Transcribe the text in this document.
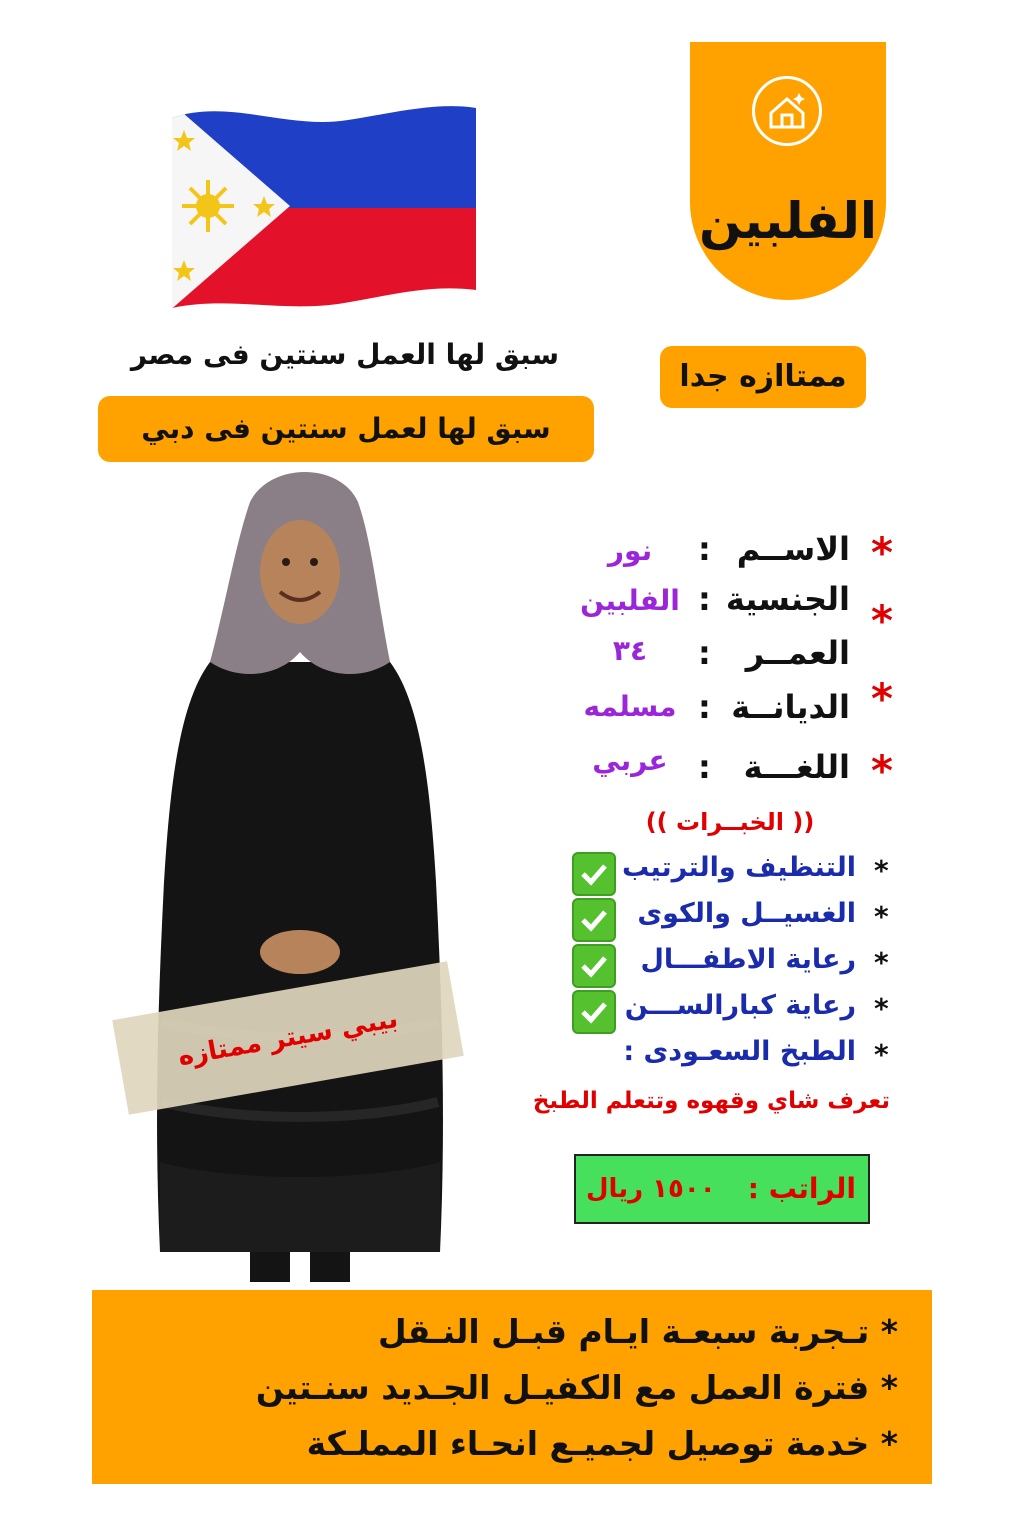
الفلبين
ممتاازه جدا
سبق لها العمل سنتين فى مصر
سبق لها لعمل سنتين فى دبي
بيبي سيتر ممتازه
*
الاســم
:
نور
*
الجنسية
:
الفلبين
العمــر
:
٣٤
*
الديانــة
:
مسلمه
*
اللغـــة
:
عربي
(( الخبــرات ))
*
التنظيف والترتيب
*
الغسيــل والكوى
*
رعاية الاطفـــال
*
رعاية كبارالســـن
*
الطبخ السعـودى :
تعرف شاي وقهوه وتتعلم الطبخ
الراتب :
١٥٠٠ ريال
* تـجربة سبعـة ايـام قبـل النـقل
* فترة العمل مع الكفيـل الجـديد سنـتين
* خدمة توصيل لجميـع انحـاء المملـكة
